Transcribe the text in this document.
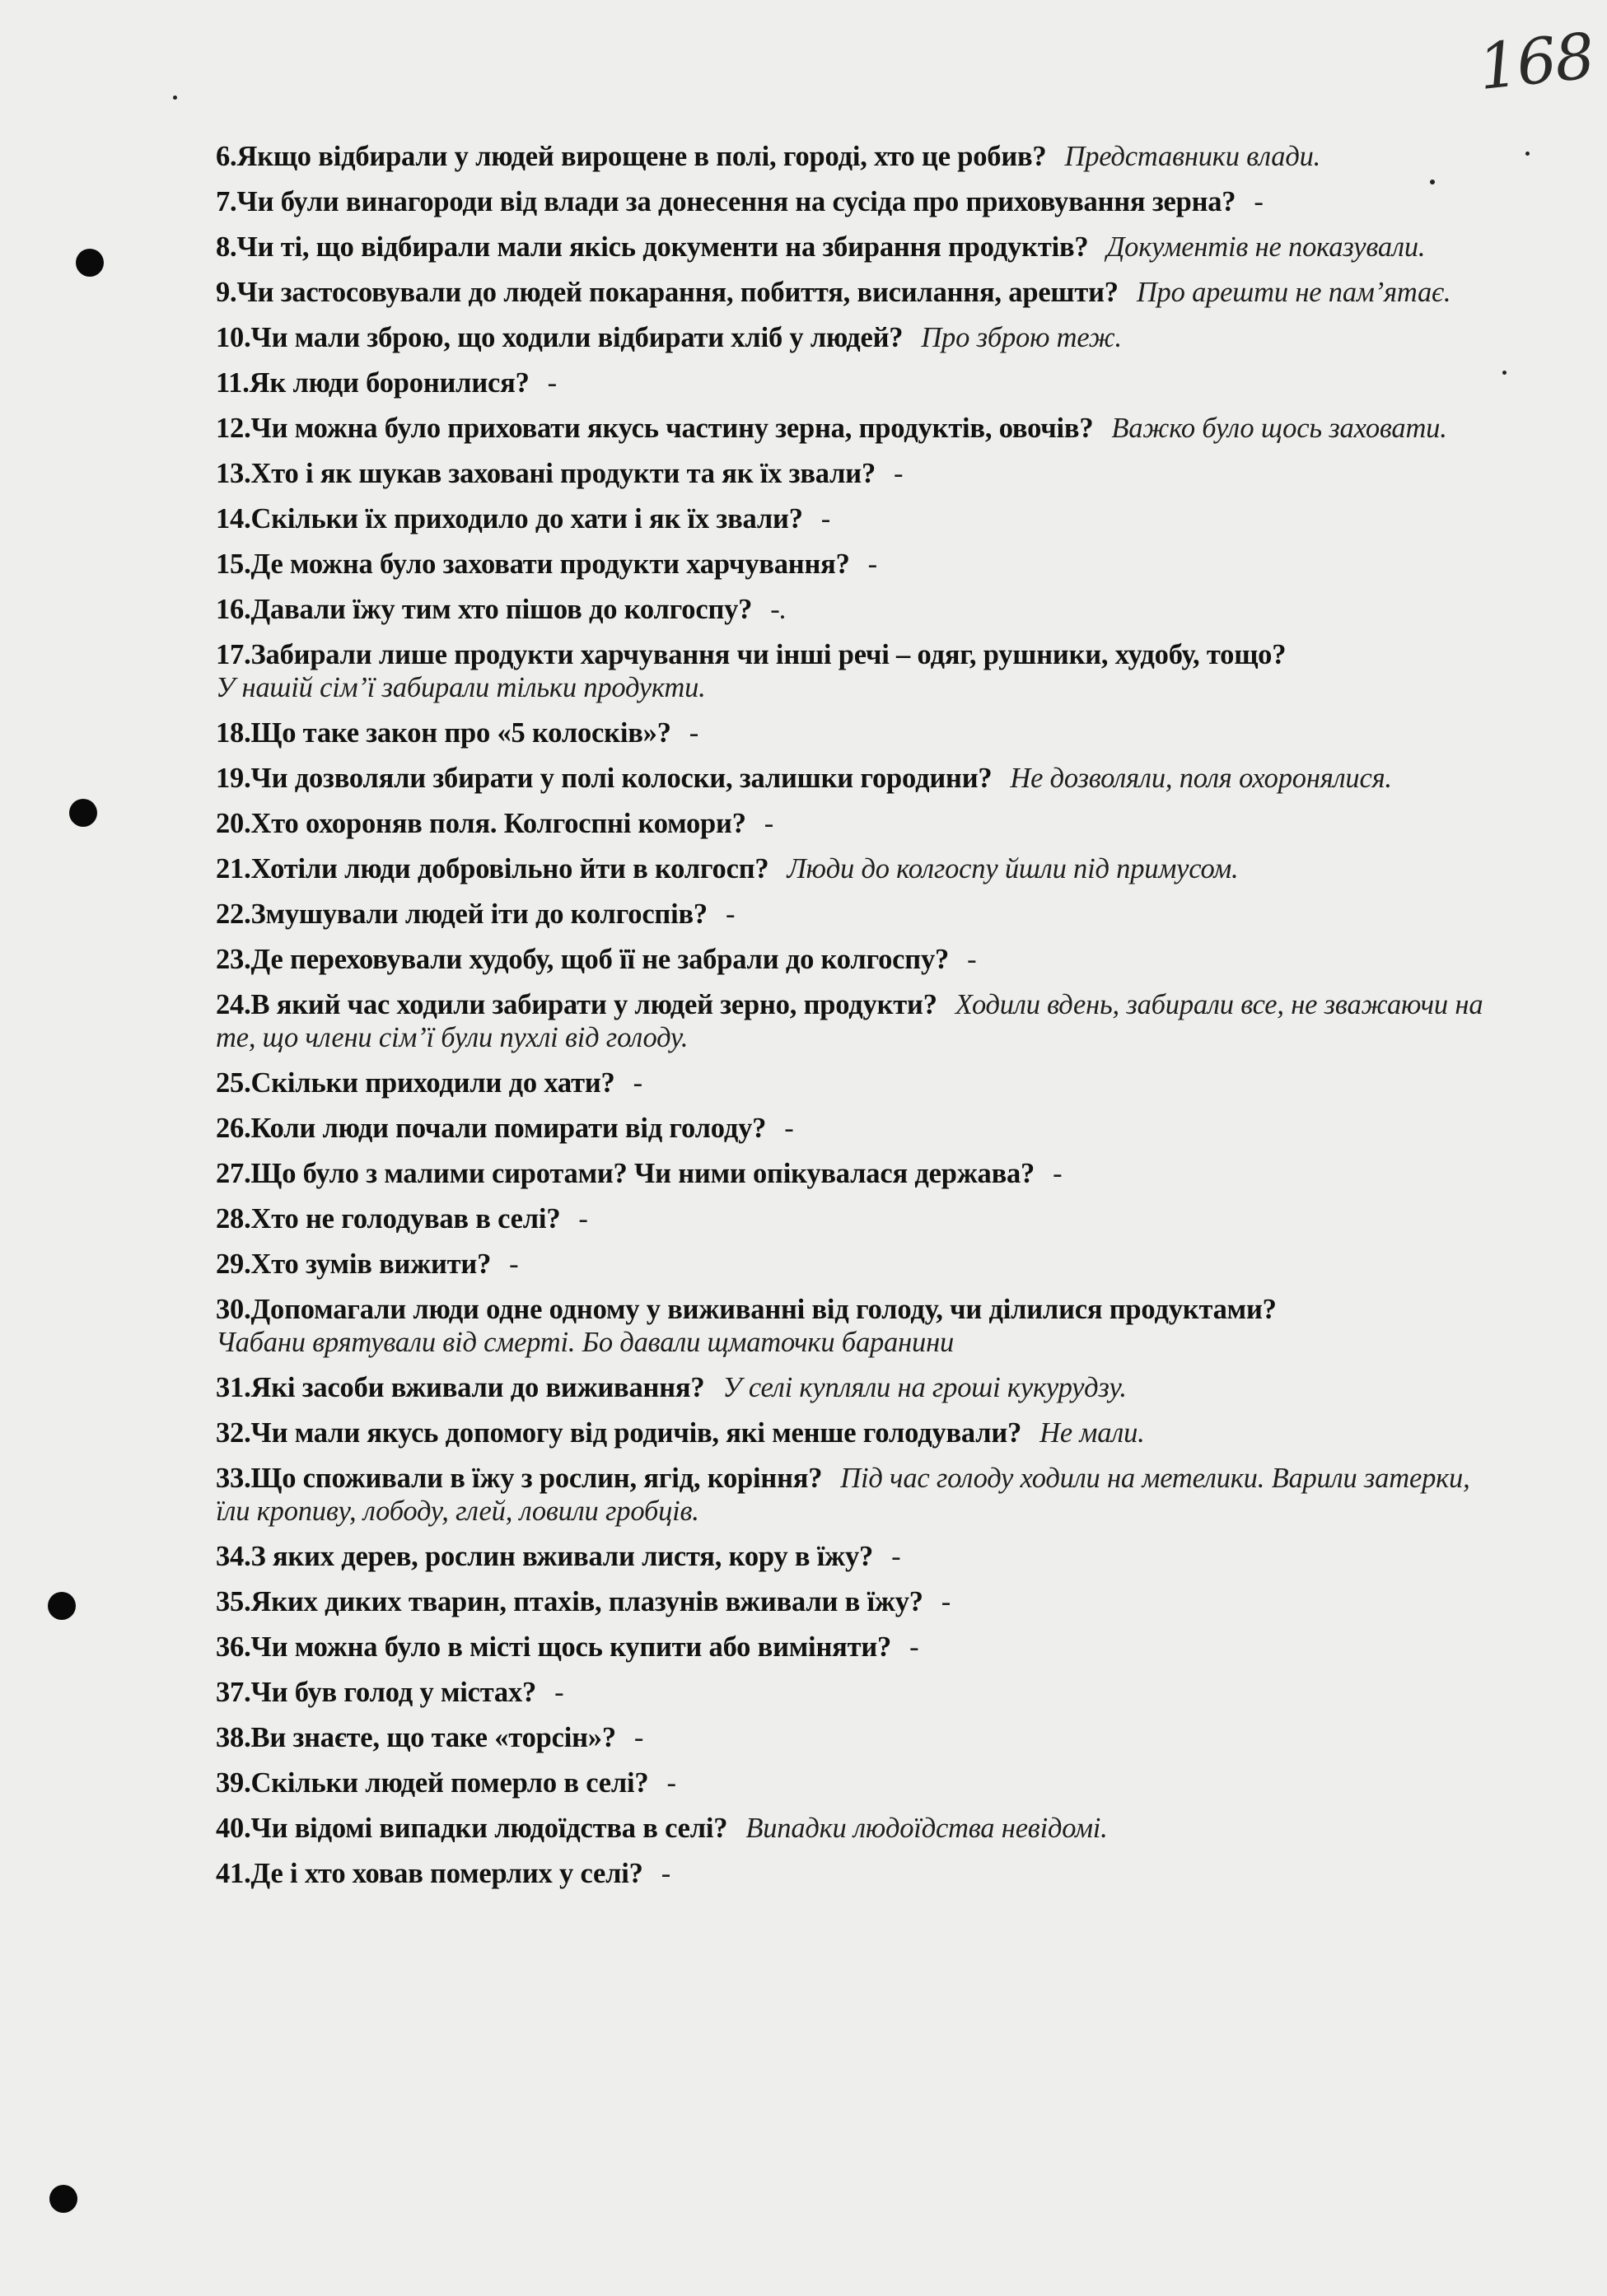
168
6.Якщо відбирали у людей вирощене в полі, городі, хто це робив? Представники влади.
7.Чи були винагороди від влади за донесення на сусіда про приховування зерна? -
8.Чи ті, що відбирали мали якісь документи на збирання продуктів? Документів не показували.
9.Чи застосовували до людей покарання, побиття, висилання, арешти? Про арешти не пам’ятає.
10.Чи мали зброю, що ходили відбирати хліб у людей? Про зброю теж.
11.Як люди боронилися? -
12.Чи можна було приховати якусь частину зерна, продуктів, овочів? Важко було щось заховати.
13.Хто і як шукав заховані продукти та як їх звали? -
14.Скільки їх приходило до хати і як їх звали? -
15.Де можна було заховати продукти харчування? -
16.Давали їжу тим хто пішов до колгоспу? -.
17.Забирали лише продукти харчування чи інші речі – одяг, рушники, худобу, тощо?
У нашій сім’ї забирали тільки продукти.
18.Що таке закон про «5 колосків»? -
19.Чи дозволяли збирати у полі колоски, залишки городини? Не дозволяли, поля охоронялися.
20.Хто охороняв поля. Колгоспні комори? -
21.Хотіли люди добровільно йти в колгосп? Люди до колгоспу йшли під примусом.
22.Змушували людей іти до колгоспів? -
23.Де переховували худобу, щоб її не забрали до колгоспу? -
24.В який час ходили забирати у людей зерно, продукти? Ходили вдень, забирали все, не зважаючи на те, що члени сім’ї були пухлі від голоду.
25.Скільки приходили до хати? -
26.Коли люди почали помирати від голоду? -
27.Що було з малими сиротами? Чи ними опікувалася держава? -
28.Хто не голодував в селі? -
29.Хто зумів вижити? -
30.Допомагали люди одне одному у виживанні від голоду, чи ділилися продуктами?
Чабани врятували від смерті. Бо давали щматочки баранини
31.Які засоби вживали до виживання? У селі купляли на гроші кукурудзу.
32.Чи мали якусь допомогу від родичів, які менше голодували? Не мали.
33.Що споживали в їжу з рослин, ягід, коріння? Під час голоду ходили на метелики. Варили затерки, їли кропиву, лободу, глей, ловили гробців.
34.З яких дерев, рослин вживали листя, кору в їжу? -
35.Яких диких тварин, птахів, плазунів вживали в їжу? -
36.Чи можна було в місті щось купити або виміняти? -
37.Чи був голод у містах? -
38.Ви знаєте, що таке «торсін»? -
39.Скільки людей померло в селі? -
40.Чи відомі випадки людоїдства в селі? Випадки людоїдства невідомі.
41.Де і хто ховав померлих у селі? -
